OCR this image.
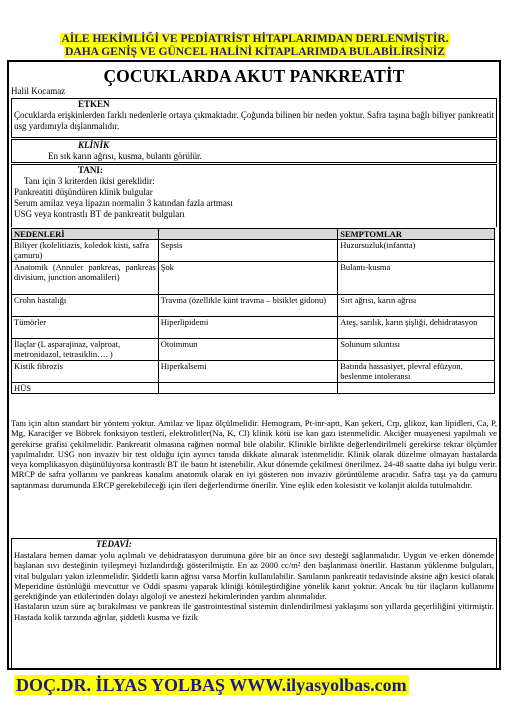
AİLE HEKİMLİĞİ VE PEDİATRİST HİTAPLARIMDAN DERLENMİŞTİR.
DAHA GENİŞ VE GÜNCEL HALİNİ KİTAPLARIMDA BULABİLİRSİNİZ
ÇOCUKLARDA AKUT PANKREATİT
Halil Kocamaz
ETKEN
Çocuklarda erişkinlerden farklı nedenlerle ortaya çıkmaktadır. Çoğunda bilinen bir neden yoktur. Safra taşına bağlı biliyer pankreatit usg yardımıyla dışlanmalıdır.
KLİNİK
En sık karın ağrısı, kusma, bulantı görülür.
TANI:
Tanı için 3 kriterden ikisi gereklidir:
Pankreatiti düşündüren klinik bulgular
Serum amilaz veya lipazın normalin 3 katından fazla artması
USG veya kontrastlı BT de pankreatit bulguları
NEDENLERİ		SEMPTOMLAR
Biliyer (kolelitiazis, koledok kisti, safra çamuru)	Sepsis	Huzursuzluk(infantta)
Anatomik (Annuler pankreas, pankreas divisium, junction anomalileri)	Şok	Bulantı-kusma
Crohn hastalığı	Travma (özellikle künt travma – bisiklet gidonu)	Sırt ağrısı, karın ağrısı
Tümörler	Hiperlipidemi	Ateş, sarılık, karın şişliği, dehidratasyon
İlaçlar (L asparajinaz, valproat, metronidazol, tetrasiklin…. )	Otoimmun	Solunum sıkıntısı
Kistik fibrozis	Hiperkalsemi	Batında hassasiyet, plevral efüzyon, beslenme intoleransı
HÜS		
Tanı için altın standart bir yöntem yoktur. Amilaz ve lipaz ölçülmelidir. Hemogram, Pt-inr-aptt, Kan şekeri, Crp, glikoz, kan lipidleri, Ca, P, Mg, Karaciğer ve Böbrek fonksiyon testleri, elektrolitler(Na, K, Cl) klinik kötü ise kan gazı istenmelidir. Akciğer muayenesi yapılmalı ve gerekirse grafisi çekilmelidir. Pankreatit olmasına rağmen normal bile olabilir. Klinikle birlikte değerlendirilmeli gerekirse tekrar ölçümler yapılmalıdır. USG non invaziv bir test olduğu için ayırıcı tanıda dikkate alınarak istenmelidir. Klinik olarak düzelme olmayan hastalarda veya komplikasyon düşünülüyorsa kontrastlı BT ile batın bt istenebilir. Akut dönemde çekilmesi önerilmez. 24-48 saatte daha iyi bulgu verir. MRCP de safra yollarını ve pankreas kanalını anatomik olarak en iyi gösteren non invaziv görüntüleme aracıdır. Safra taşı ya da çamuru saptanması durumunda ERCP gerekebileceği için ileri değerlendirme önerilir. Yine eşlik eden kolesistit ve kolanjit akılda tutulmalıdır.
TEDAVİ:
Hastalara hemen damar yolu açılmalı ve dehidratasyon durumuna göre bir an önce sıvı desteği sağlanmalıdır. Uygun ve erken dönemde başlanan sıvı desteğinin iyileşmeyi hızlandırdığı gösterilmiştir. En az 2000 cc/m² den başlanması önerilir. Hastanın yüklenme bulguları, vital bulguları yakın izlenmelidir. Şiddetli karın ağrısı varsa Morfin kullanılabilir. Sanılanın pankreatit tedavisinde aksine ağrı kesici olarak Meperidine üstünlüğü mevcuttur ve Oddi spasmı yaparak kliniği kötüleştirdiğine yönelik kanıt yoktur. Ancak bu tür ilaçların kullanımı gerektiğinde yan etkilerinden dolayı algoloji ve anestezi hekimlerinden yardım alınmalıdır.
Hastaların uzun süre aç bırakılması ve pankreas ile gastrointestinal sistemin dinlendirilmesi yaklaşımı son yıllarda geçerliliğini yitirmiştir. Hastada kolik tarzında ağrılar, şiddetli kusma ve fizik
DOÇ.DR. İLYAS YOLBAŞ WWW.ilyasyolbas.com
